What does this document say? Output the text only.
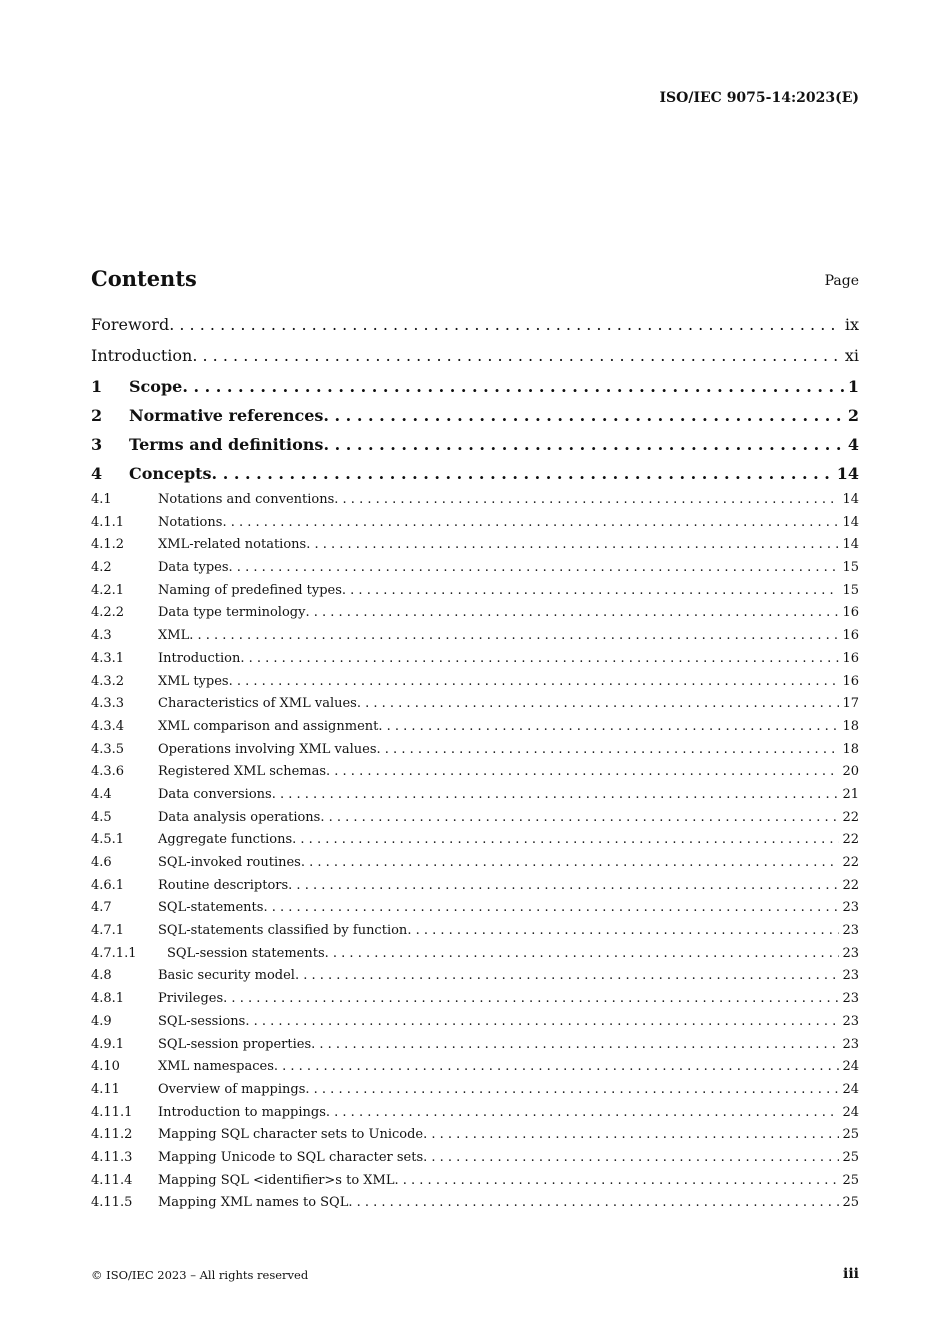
ISO/IEC 9075-14:2023(E)
Contents	Page
Foreword . . .	ix
Introduction . . .	xi
1	Scope . . .	1
2	Normative references . . .	2
3	Terms and definitions . . .	4
4	Concepts . . .	14
4.1	Notations and conventions . . .	14
4.1.1	Notations . . .	14
4.1.2	XML-related notations . . .	14
4.2	Data types . . .	15
4.2.1	Naming of predefined types . . .	15
4.2.2	Data type terminology . . .	16
4.3	XML . . .	16
4.3.1	Introduction . . .	16
4.3.2	XML types . . .	16
4.3.3	Characteristics of XML values . . .	17
4.3.4	XML comparison and assignment . . .	18
4.3.5	Operations involving XML values . . .	18
4.3.6	Registered XML schemas . . .	20
4.4	Data conversions . . .	21
4.5	Data analysis operations . . .	22
4.5.1	Aggregate functions . . .	22
4.6	SQL-invoked routines . . .	22
4.6.1	Routine descriptors . . .	22
4.7	SQL-statements . . .	23
4.7.1	SQL-statements classified by function . . .	23
4.7.1.1	SQL-session statements . . .	23
4.8	Basic security model . . .	23
4.8.1	Privileges . . .	23
4.9	SQL-sessions . . .	23
4.9.1	SQL-session properties . . .	23
4.10	XML namespaces . . .	24
4.11	Overview of mappings . . .	24
4.11.1	Introduction to mappings . . .	24
4.11.2	Mapping SQL character sets to Unicode . . .	25
4.11.3	Mapping Unicode to SQL character sets . . .	25
4.11.4	Mapping SQL <identifier>s to XML . . .	25
4.11.5	Mapping XML names to SQL . . .	25
© ISO/IEC 2023 – All rights reserved	iii
